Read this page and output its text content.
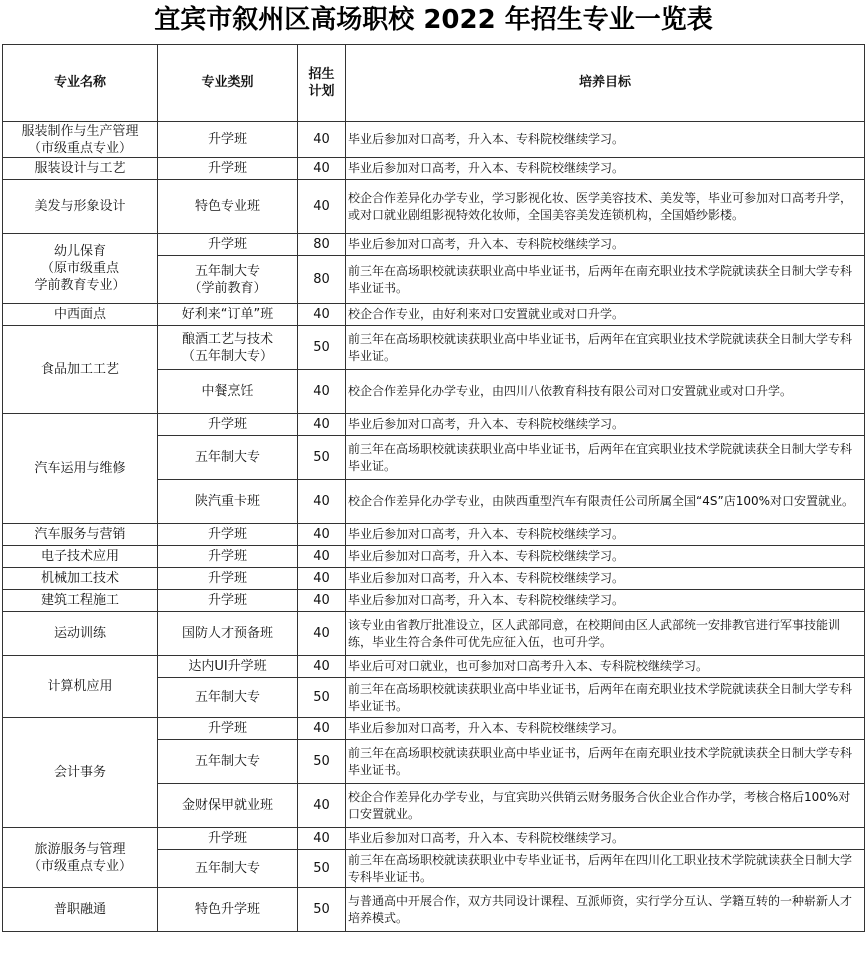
宜宾市叙州区高场职校 2022 年招生专业一览表
专业名称	专业类别	招生
计划	培养目标

服装制作与生产管理
（市级重点专业）	升学班	40	毕业后参加对口高考，升入本、专科院校继续学习。

服装设计与工艺	升学班	40	毕业后参加对口高考，升入本、专科院校继续学习。

美发与形象设计	特色专业班	40	校企合作差异化办学专业，学习影视化妆、医学美容技术、美发等，毕业可参加对口高考升学，或对口就业剧组影视特效化妆师，全国美容美发连锁机构，全国婚纱影楼。

幼儿保育
（原市级重点
学前教育专业）	升学班	80	毕业后参加对口高考，升入本、专科院校继续学习。

	五年制大专
（学前教育）	80	前三年在高场职校就读获职业高中毕业证书，后两年在南充职业技术学院就读获全日制大学专科毕业证书。

中西面点	好利来“订单”班	40	校企合作专业，由好利来对口安置就业或对口升学。

食品加工工艺	酿酒工艺与技术
（五年制大专）	50	前三年在高场职校就读获职业高中毕业证书，后两年在宜宾职业技术学院就读获全日制大学专科毕业证。

	中餐烹饪	40	校企合作差异化办学专业，由四川八依教育科技有限公司对口安置就业或对口升学。

汽车运用与维修	升学班	40	毕业后参加对口高考，升入本、专科院校继续学习。

	五年制大专	50	前三年在高场职校就读获职业高中毕业证书，后两年在宜宾职业技术学院就读获全日制大学专科毕业证。

	陕汽重卡班	40	校企合作差异化办学专业，由陕西重型汽车有限责任公司所属全国“4S”店100%对口安置就业。

汽车服务与营销	升学班	40	毕业后参加对口高考，升入本、专科院校继续学习。

电子技术应用	升学班	40	毕业后参加对口高考，升入本、专科院校继续学习。

机械加工技术	升学班	40	毕业后参加对口高考，升入本、专科院校继续学习。

建筑工程施工	升学班	40	毕业后参加对口高考，升入本、专科院校继续学习。

运动训练	国防人才预备班	40	该专业由省教厅批准设立，区人武部同意，在校期间由区人武部统一安排教官进行军事技能训练，毕业生符合条件可优先应征入伍，也可升学。

计算机应用	达内UI升学班	40	毕业后可对口就业，也可参加对口高考升入本、专科院校继续学习。

	五年制大专	50	前三年在高场职校就读获职业高中毕业证书，后两年在南充职业技术学院就读获全日制大学专科毕业证书。

会计事务	升学班	40	毕业后参加对口高考，升入本、专科院校继续学习。

	五年制大专	50	前三年在高场职校就读获职业高中毕业证书，后两年在南充职业技术学院就读获全日制大学专科毕业证书。

	金财保甲就业班	40	校企合作差异化办学专业，与宜宾助兴供销云财务服务合伙企业合作办学，考核合格后100%对口安置就业。

旅游服务与管理
（市级重点专业）	升学班	40	毕业后参加对口高考，升入本、专科院校继续学习。

	五年制大专	50	前三年在高场职校就读获职业中专毕业证书，后两年在四川化工职业技术学院就读获全日制大学专科毕业证书。

普职融通	特色升学班	50	与普通高中开展合作，双方共同设计课程、互派师资，实行学分互认、学籍互转的一种崭新人才培养模式。
